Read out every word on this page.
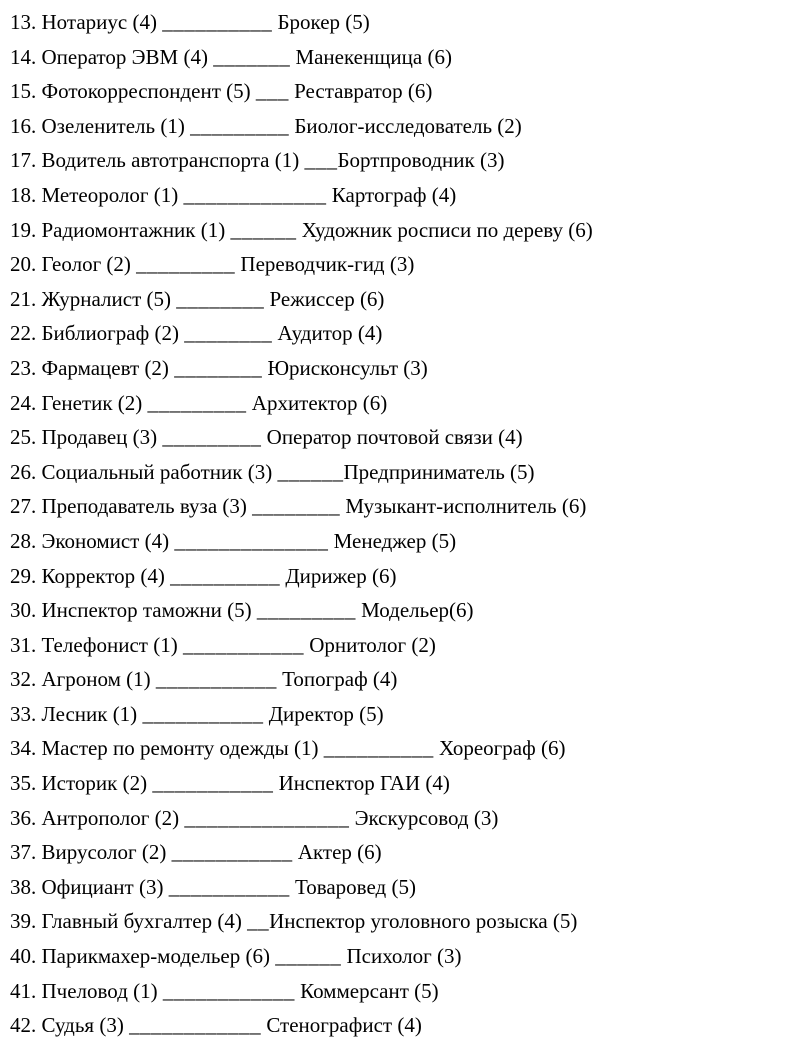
13. Нотариус (4) __________ Брокер (5)
14. Оператор ЭВМ (4) _______ Манекенщица (6)
15. Фотокорреспондент (5) ___ Реставратор (6)
16. Озеленитель (1) _________ Биолог-исследователь (2)
17. Водитель автотранспорта (1) ___Бортпроводник (3)
18. Метеоролог (1) _____________ Картограф (4)
19. Радиомонтажник (1) ______ Художник росписи по дереву (6)
20. Геолог (2) _________ Переводчик-гид (3)
21. Журналист (5) ________ Режиссер (6)
22. Библиограф (2) ________ Аудитор (4)
23. Фармацевт (2) ________ Юрисконсульт (3)
24. Генетик (2) _________ Архитектор (6)
25. Продавец (3) _________ Оператор почтовой связи (4)
26. Социальный работник (3) ______Предприниматель (5)
27. Преподаватель вуза (3) ________ Музыкант-исполнитель (6)
28. Экономист (4) ______________ Менеджер (5)
29. Корректор (4) __________ Дирижер (6)
30. Инспектор таможни (5) _________ Модельер(6)
31. Телефонист (1) ___________ Орнитолог (2)
32. Агроном (1) ___________ Топограф (4)
33. Лесник (1) ___________ Директор (5)
34. Мастер по ремонту одежды (1) __________ Хореограф (6)
35. Историк (2) ___________ Инспектор ГАИ (4)
36. Антрополог (2) _______________ Экскурсовод (3)
37. Вирусолог (2) ___________ Актер (6)
38. Официант (3) ___________ Товаровед (5)
39. Главный бухгалтер (4) __Инспектор уголовного розыска (5)
40. Парикмахер-модельер (6) ______ Психолог (3)
41. Пчеловод (1) ____________ Коммерсант (5)
42. Судья (3) ____________ Стенографист (4)
